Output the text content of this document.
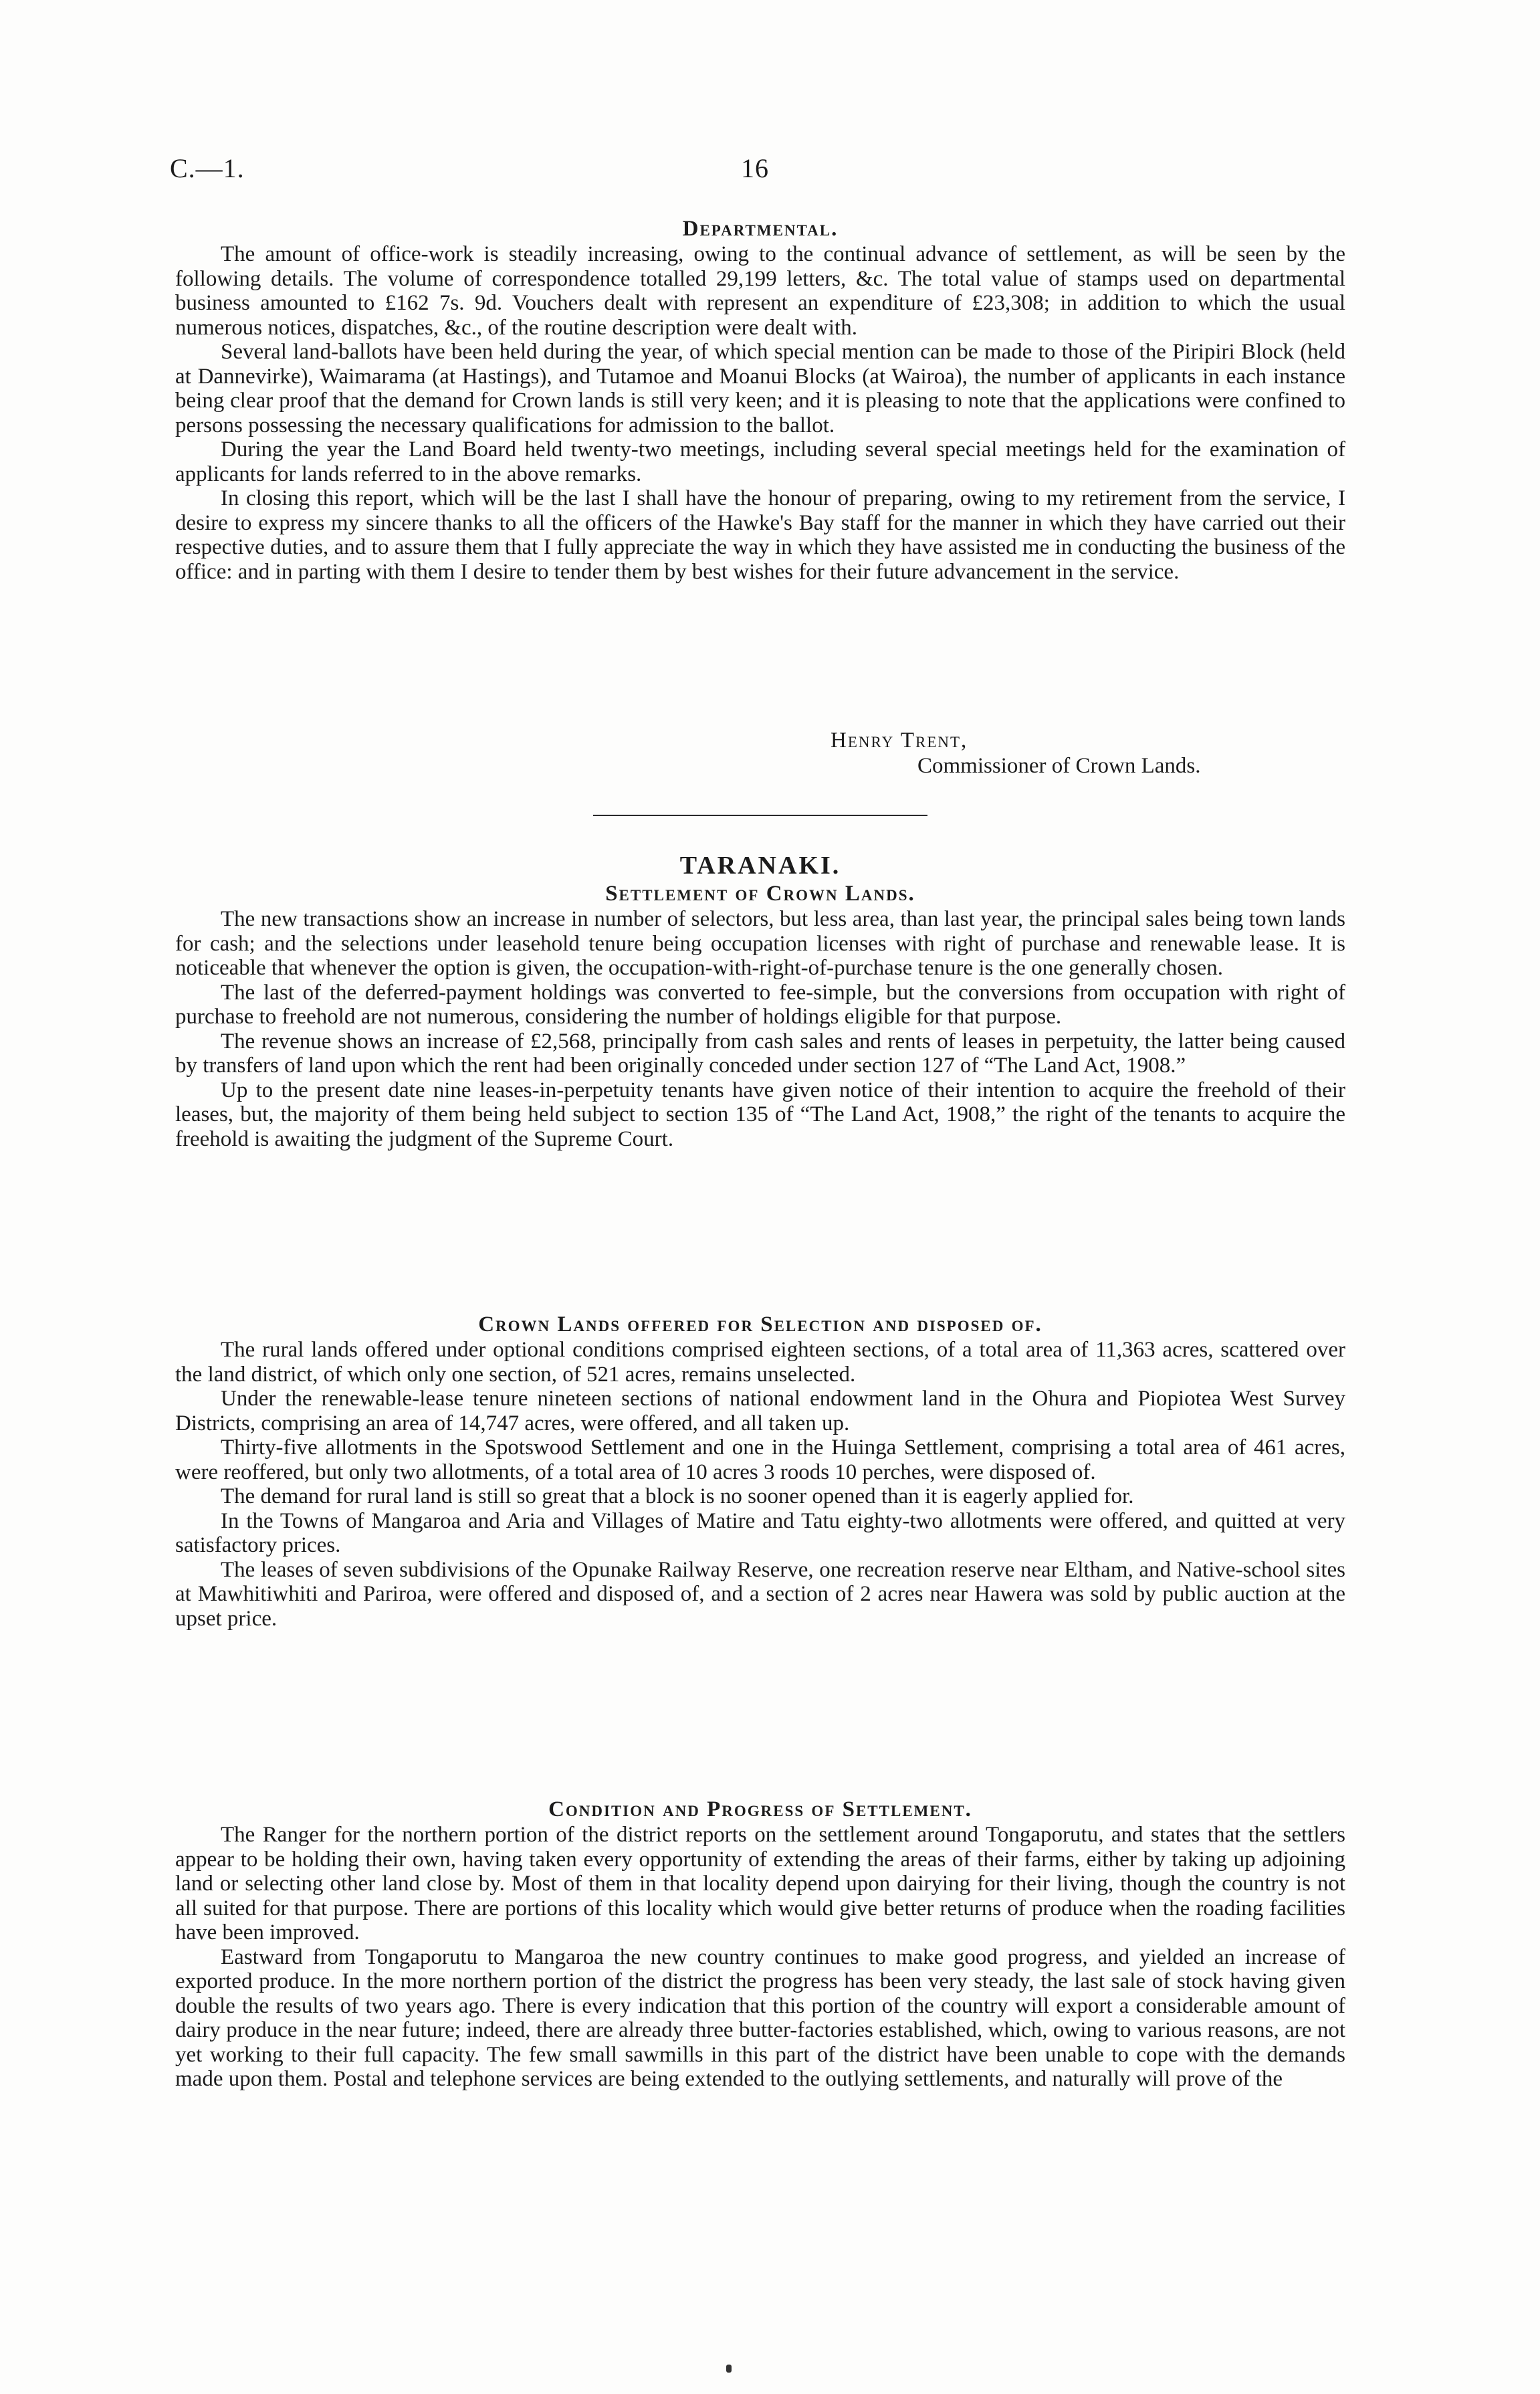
C.—1.	16
Departmental.

The amount of office-work is steadily increasing, owing to the continual advance of settlement, as will be seen by the following details. The volume of correspondence totalled 29,199 letters, &c. The total value of stamps used on departmental business amounted to £162 7s. 9d. Vouchers dealt with represent an expenditure of £23,308; in addition to which the usual numerous notices, dispatches, &c., of the routine description were dealt with.

Several land-ballots have been held during the year, of which special mention can be made to those of the Piripiri Block (held at Dannevirke), Waimarama (at Hastings), and Tutamoe and Moanui Blocks (at Wairoa), the number of applicants in each instance being clear proof that the demand for Crown lands is still very keen; and it is pleasing to note that the applications were confined to persons possessing the necessary qualifications for admission to the ballot.

During the year the Land Board held twenty-two meetings, including several special meetings held for the examination of applicants for lands referred to in the above remarks.

In closing this report, which will be the last I shall have the honour of preparing, owing to my retirement from the service, I desire to express my sincere thanks to all the officers of the Hawke's Bay staff for the manner in which they have carried out their respective duties, and to assure them that I fully appreciate the way in which they have assisted me in conducting the business of the office: and in parting with them I desire to tender them by best wishes for their future advancement in the service.

Henry Trent,

Commissioner of Crown Lands.

TARANAKI.
Settlement of Crown Lands.

The new transactions show an increase in number of selectors, but less area, than last year, the principal sales being town lands for cash; and the selections under leasehold tenure being occupation licenses with right of purchase and renewable lease. It is noticeable that whenever the option is given, the occupation-with-right-of-purchase tenure is the one generally chosen.

The last of the deferred-payment holdings was converted to fee-simple, but the conversions from occupation with right of purchase to freehold are not numerous, considering the number of holdings eligible for that purpose.

The revenue shows an increase of £2,568, principally from cash sales and rents of leases in perpetuity, the latter being caused by transfers of land upon which the rent had been originally conceded under section 127 of “The Land Act, 1908.”

Up to the present date nine leases-in-perpetuity tenants have given notice of their intention to acquire the freehold of their leases, but, the majority of them being held subject to section 135 of “The Land Act, 1908,” the right of the tenants to acquire the freehold is awaiting the judgment of the Supreme Court.

Crown Lands offered for Selection and disposed of.

The rural lands offered under optional conditions comprised eighteen sections, of a total area of 11,363 acres, scattered over the land district, of which only one section, of 521 acres, remains unselected.

Under the renewable-lease tenure nineteen sections of national endowment land in the Ohura and Piopiotea West Survey Districts, comprising an area of 14,747 acres, were offered, and all taken up.

Thirty-five allotments in the Spotswood Settlement and one in the Huinga Settlement, comprising a total area of 461 acres, were reoffered, but only two allotments, of a total area of 10 acres 3 roods 10 perches, were disposed of.

The demand for rural land is still so great that a block is no sooner opened than it is eagerly applied for.

In the Towns of Mangaroa and Aria and Villages of Matire and Tatu eighty-two allotments were offered, and quitted at very satisfactory prices.

The leases of seven subdivisions of the Opunake Railway Reserve, one recreation reserve near Eltham, and Native-school sites at Mawhitiwhiti and Pariroa, were offered and disposed of, and a section of 2 acres near Hawera was sold by public auction at the upset price.

Condition and Progress of Settlement.

The Ranger for the northern portion of the district reports on the settlement around Tongaporutu, and states that the settlers appear to be holding their own, having taken every opportunity of extending the areas of their farms, either by taking up adjoining land or selecting other land close by. Most of them in that locality depend upon dairying for their living, though the country is not all suited for that purpose. There are portions of this locality which would give better returns of produce when the roading facilities have been improved.

Eastward from Tongaporutu to Mangaroa the new country continues to make good progress, and yielded an increase of exported produce. In the more northern portion of the district the progress has been very steady, the last sale of stock having given double the results of two years ago. There is every indication that this portion of the country will export a considerable amount of dairy produce in the near future; indeed, there are already three butter-factories established, which, owing to various reasons, are not yet working to their full capacity. The few small sawmills in this part of the district have been unable to cope with the demands made upon them. Postal and telephone services are being extended to the outlying settlements, and naturally will prove of the
